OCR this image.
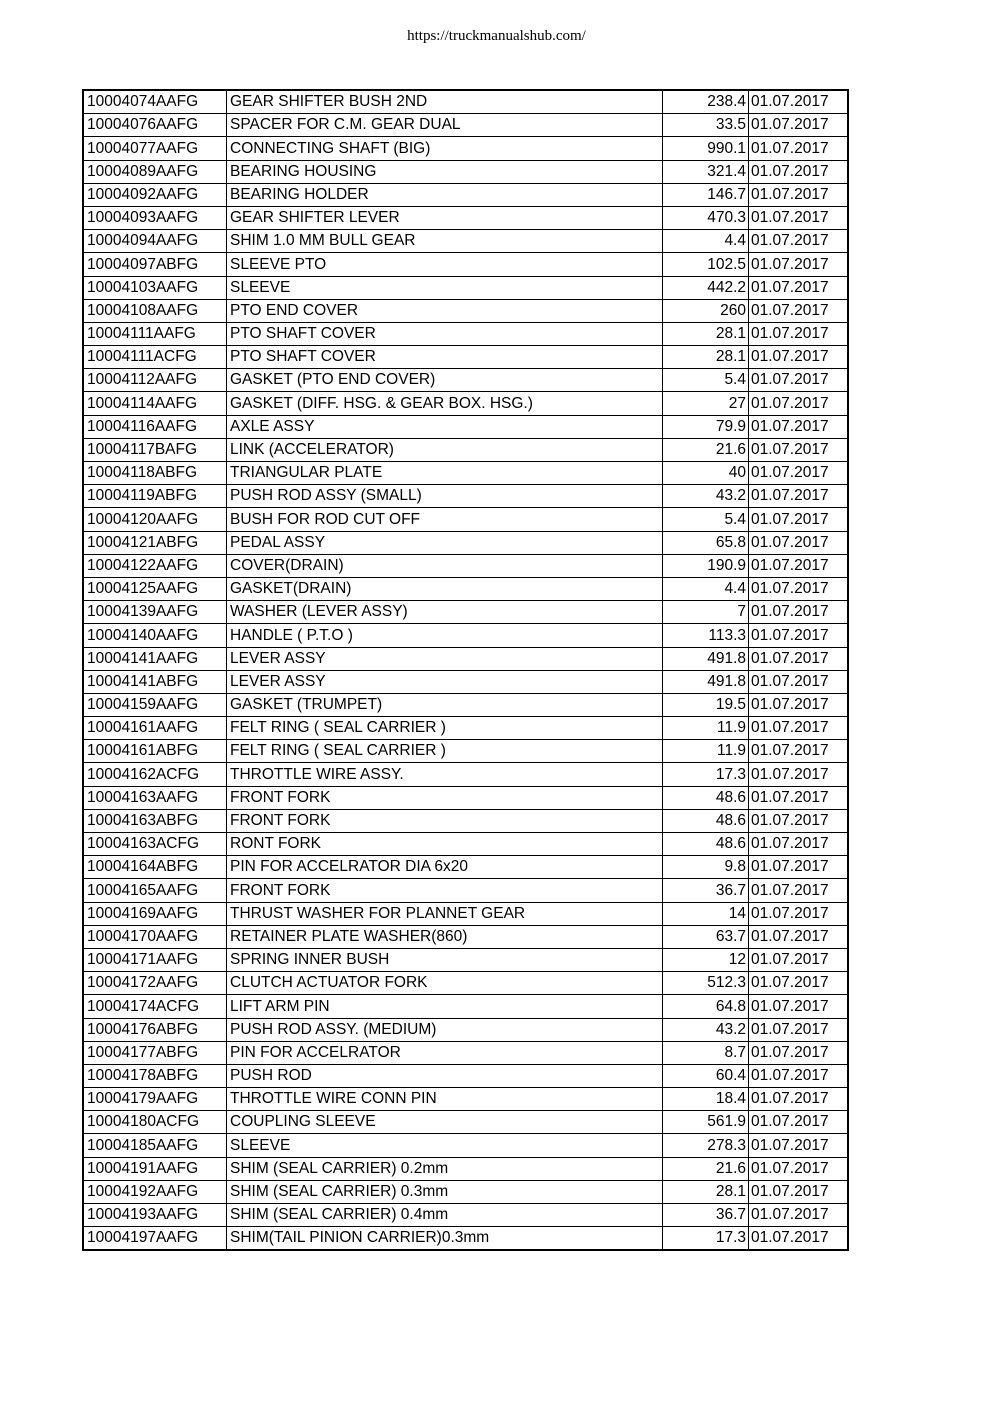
https://truckmanualshub.com/
10004074AAFG	GEAR SHIFTER BUSH 2ND	238.4	01.07.2017
10004076AAFG	SPACER FOR C.M. GEAR DUAL	33.5	01.07.2017
10004077AAFG	CONNECTING SHAFT (BIG)	990.1	01.07.2017
10004089AAFG	BEARING HOUSING	321.4	01.07.2017
10004092AAFG	BEARING HOLDER	146.7	01.07.2017
10004093AAFG	GEAR SHIFTER LEVER	470.3	01.07.2017
10004094AAFG	SHIM 1.0 MM BULL GEAR	4.4	01.07.2017
10004097ABFG	SLEEVE PTO	102.5	01.07.2017
10004103AAFG	SLEEVE	442.2	01.07.2017
10004108AAFG	PTO END COVER	260	01.07.2017
10004111AAFG	PTO SHAFT COVER	28.1	01.07.2017
10004111ACFG	PTO SHAFT COVER	28.1	01.07.2017
10004112AAFG	GASKET (PTO END COVER)	5.4	01.07.2017
10004114AAFG	GASKET (DIFF. HSG. & GEAR BOX. HSG.)	27	01.07.2017
10004116AAFG	AXLE ASSY	79.9	01.07.2017
10004117BAFG	LINK (ACCELERATOR)	21.6	01.07.2017
10004118ABFG	TRIANGULAR PLATE	40	01.07.2017
10004119ABFG	PUSH ROD ASSY (SMALL)	43.2	01.07.2017
10004120AAFG	BUSH FOR ROD CUT OFF	5.4	01.07.2017
10004121ABFG	PEDAL ASSY	65.8	01.07.2017
10004122AAFG	COVER(DRAIN)	190.9	01.07.2017
10004125AAFG	GASKET(DRAIN)	4.4	01.07.2017
10004139AAFG	WASHER (LEVER ASSY)	7	01.07.2017
10004140AAFG	HANDLE ( P.T.O )	113.3	01.07.2017
10004141AAFG	LEVER ASSY	491.8	01.07.2017
10004141ABFG	LEVER ASSY	491.8	01.07.2017
10004159AAFG	GASKET (TRUMPET)	19.5	01.07.2017
10004161AAFG	FELT RING ( SEAL CARRIER )	11.9	01.07.2017
10004161ABFG	FELT RING ( SEAL CARRIER )	11.9	01.07.2017
10004162ACFG	THROTTLE WIRE ASSY.	17.3	01.07.2017
10004163AAFG	FRONT FORK	48.6	01.07.2017
10004163ABFG	FRONT FORK	48.6	01.07.2017
10004163ACFG	RONT FORK	48.6	01.07.2017
10004164ABFG	PIN FOR ACCELRATOR DIA 6x20	9.8	01.07.2017
10004165AAFG	FRONT FORK	36.7	01.07.2017
10004169AAFG	THRUST WASHER FOR PLANNET GEAR	14	01.07.2017
10004170AAFG	RETAINER PLATE WASHER(860)	63.7	01.07.2017
10004171AAFG	SPRING INNER BUSH	12	01.07.2017
10004172AAFG	CLUTCH ACTUATOR FORK	512.3	01.07.2017
10004174ACFG	LIFT ARM PIN	64.8	01.07.2017
10004176ABFG	PUSH ROD ASSY. (MEDIUM)	43.2	01.07.2017
10004177ABFG	PIN FOR ACCELRATOR	8.7	01.07.2017
10004178ABFG	PUSH ROD	60.4	01.07.2017
10004179AAFG	THROTTLE WIRE CONN PIN	18.4	01.07.2017
10004180ACFG	COUPLING SLEEVE	561.9	01.07.2017
10004185AAFG	SLEEVE	278.3	01.07.2017
10004191AAFG	SHIM (SEAL CARRIER) 0.2mm	21.6	01.07.2017
10004192AAFG	SHIM (SEAL CARRIER) 0.3mm	28.1	01.07.2017
10004193AAFG	SHIM (SEAL CARRIER) 0.4mm	36.7	01.07.2017
10004197AAFG	SHIM(TAIL PINION CARRIER)0.3mm	17.3	01.07.2017
